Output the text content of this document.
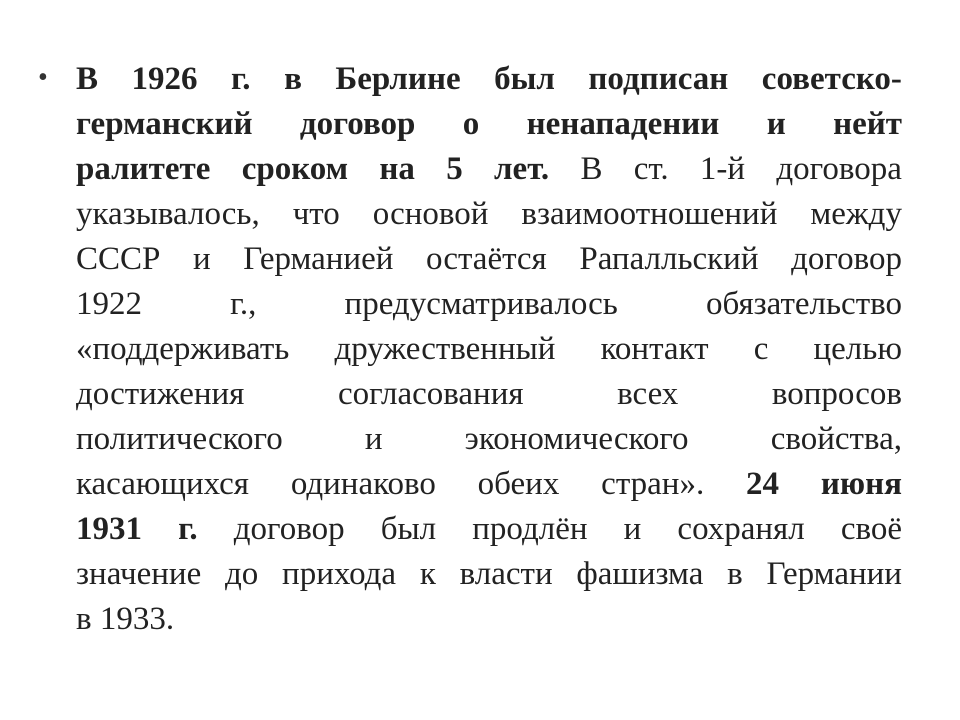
• В 1926 г. в Берлине был подписан советско-
германский договор о ненападении и нейт
ралитете сроком на 5 лет. В ст. 1-й договора
указывалось, что основой взаимоотношений между
СССР и Германией остаётся Рапалльский договор
1922	г.,	предусматривалось	обязательство
«поддерживать дружественный контакт с целью
достижения	согласования	всех	вопросов
политического и экономического свойства,
касающихся одинаково обеих стран». 24 июня
1931 г. договор был продлён и сохранял своё
значение до прихода к власти фашизма в Германии
в 1933.
